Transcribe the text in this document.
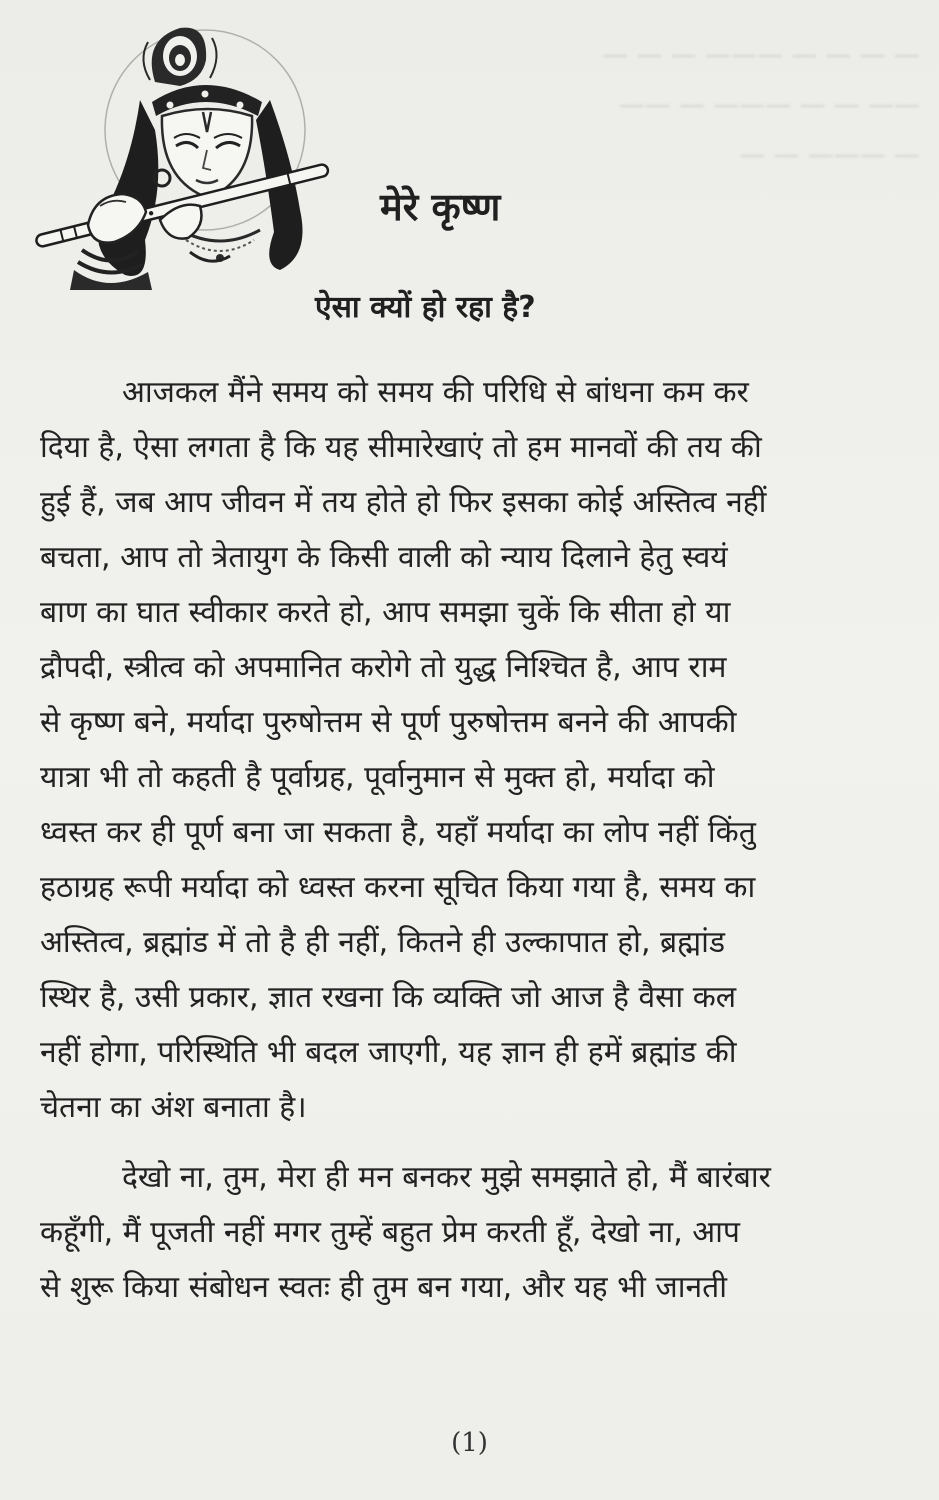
— — — — ——— — — —
—— — — ——— — ——
— ——— — —
मेरे कृष्ण
ऐसा क्यों हो रहा है?
आजकल मैंने समय को समय की परिधि से बांधना कम कर
दिया है, ऐसा लगता है कि यह सीमारेखाएं तो हम मानवों की तय की
हुई हैं, जब आप जीवन में तय होते हो फिर इसका कोई अस्तित्व नहीं
बचता, आप तो त्रेतायुग के किसी वाली को न्याय दिलाने हेतु स्वयं
बाण का घात स्वीकार करते हो, आप समझा चुकें कि सीता हो या
द्रौपदी, स्त्रीत्व को अपमानित करोगे तो युद्ध निश्चित है, आप राम
से कृष्ण बने, मर्यादा पुरुषोत्तम से पूर्ण पुरुषोत्तम बनने की आपकी
यात्रा भी तो कहती है पूर्वाग्रह, पूर्वानुमान से मुक्त हो, मर्यादा को
ध्वस्त कर ही पूर्ण बना जा सकता है, यहाँ मर्यादा का लोप नहीं किंतु
हठाग्रह रूपी मर्यादा को ध्वस्त करना सूचित किया गया है, समय का
अस्तित्व, ब्रह्मांड में तो है ही नहीं, कितने ही उल्कापात हो, ब्रह्मांड
स्थिर है, उसी प्रकार, ज्ञात रखना कि व्यक्ति जो आज है वैसा कल
नहीं होगा, परिस्थिति भी बदल जाएगी, यह ज्ञान ही हमें ब्रह्मांड की
चेतना का अंश बनाता है।
देखो ना, तुम, मेरा ही मन बनकर मुझे समझाते हो, मैं बारंबार
कहूँगी, मैं पूजती नहीं मगर तुम्हें बहुत प्रेम करती हूँ, देखो ना, आप
से शुरू किया संबोधन स्वतः ही तुम बन गया, और यह भी जानती
(1)
